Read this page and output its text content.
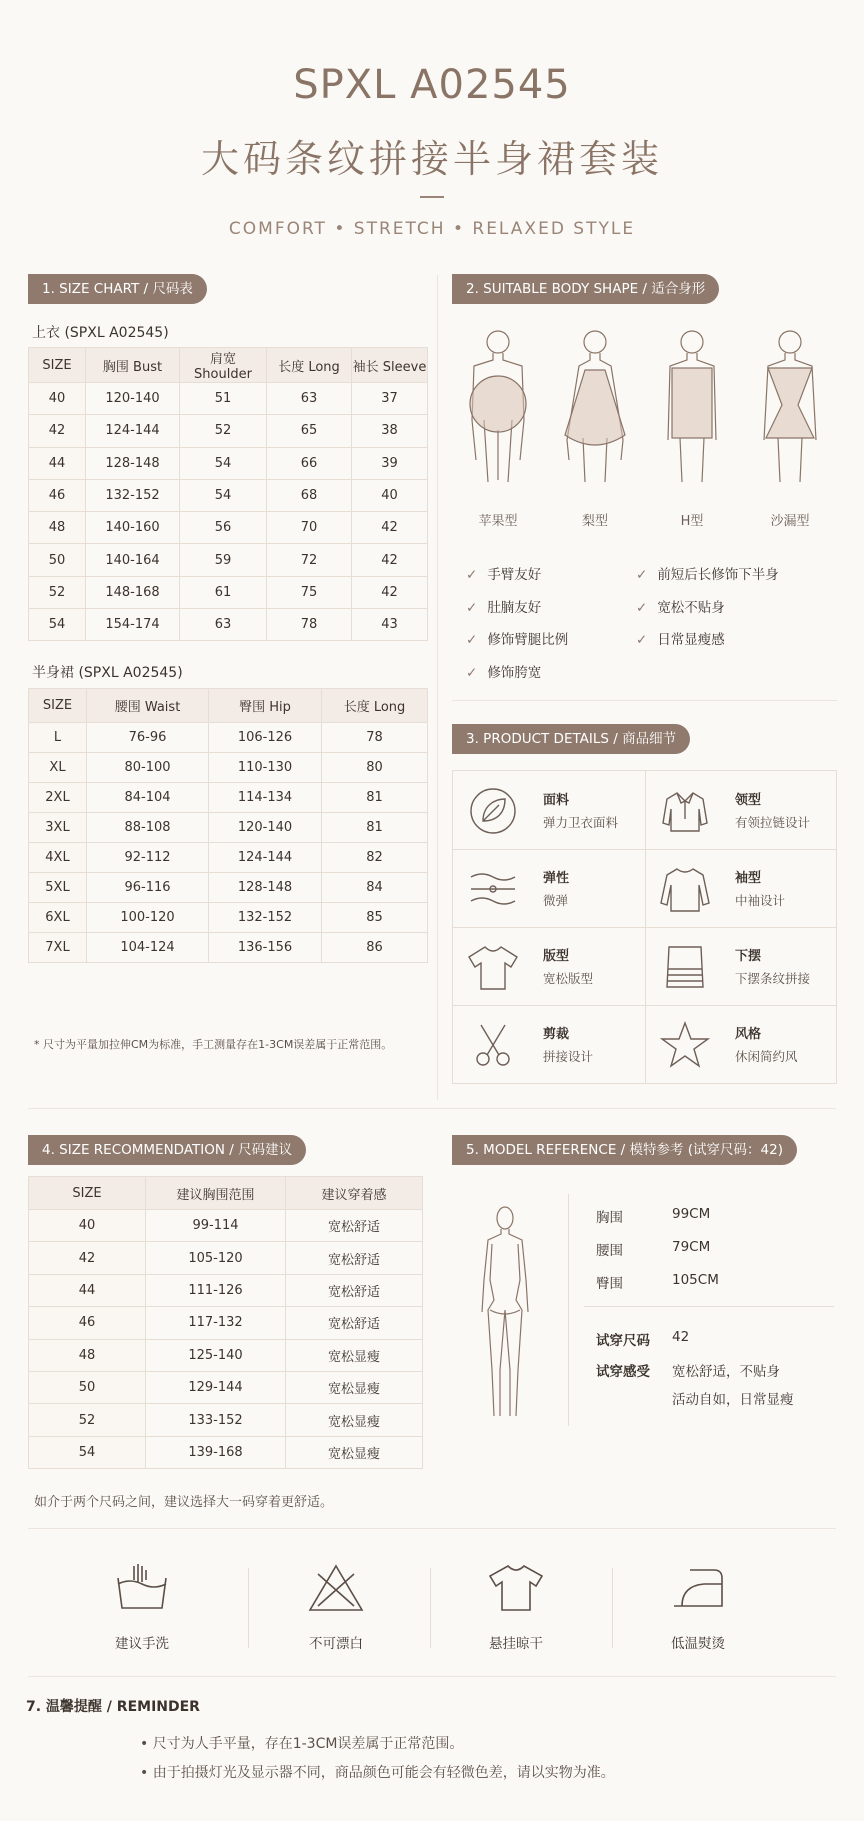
SPXL A02545
大码条纹拼接半身裙套装
COMFORT • STRETCH • RELAXED STYLE
1. SIZE CHART / 尺码表
上衣 (SPXL A02545)
SIZE	胸围 Bust	肩宽 Shoulder	长度 Long	袖长 Sleeve
40	120-140	51	63	37
42	124-144	52	65	38
44	128-148	54	66	39
46	132-152	54	68	40
48	140-160	56	70	42
50	140-164	59	72	42
52	148-168	61	75	42
54	154-174	63	78	43
半身裙 (SPXL A02545)
SIZE	腰围 Waist	臀围 Hip	长度 Long
L	76-96	106-126	78
XL	80-100	110-130	80
2XL	84-104	114-134	81
3XL	88-108	120-140	81
4XL	92-112	124-144	82
5XL	96-116	128-148	84
6XL	100-120	132-152	85
7XL	104-124	136-156	86
* 尺寸为平量加拉伸CM为标准，手工测量存在1-3CM误差属于正常范围。
2. SUITABLE BODY SHAPE / 适合身形
苹果型	梨型	H型	沙漏型
✓ 手臂友好	✓ 前短后长修饰下半身
✓ 肚腩友好	✓ 宽松不贴身
✓ 修饰臂腿比例	✓ 日常显瘦感
✓ 修饰胯宽
3. PRODUCT DETAILS / 商品细节
面料
弹力卫衣面料
领型
有领拉链设计
弹性
微弹
袖型
中袖设计
版型
宽松版型
下摆
下摆条纹拼接
剪裁
拼接设计
风格
休闲简约风
4. SIZE RECOMMENDATION / 尺码建议
SIZE	建议胸围范围	建议穿着感
40	99-114	宽松舒适
42	105-120	宽松舒适
44	111-126	宽松舒适
46	117-132	宽松舒适
48	125-140	宽松显瘦
50	129-144	宽松显瘦
52	133-152	宽松显瘦
54	139-168	宽松显瘦
如介于两个尺码之间，建议选择大一码穿着更舒适。
5. MODEL REFERENCE / 模特参考 (试穿尺码：42)
胸围	99CM
腰围	79CM
臀围	105CM
试穿尺码 42
试穿感受 宽松舒适，不贴身
活动自如，日常显瘦
建议手洗	不可漂白	悬挂晾干	低温熨烫
7. 温馨提醒 / REMINDER
• 尺寸为人手平量，存在1-3CM误差属于正常范围。
• 由于拍摄灯光及显示器不同，商品颜色可能会有轻微色差，请以实物为准。
